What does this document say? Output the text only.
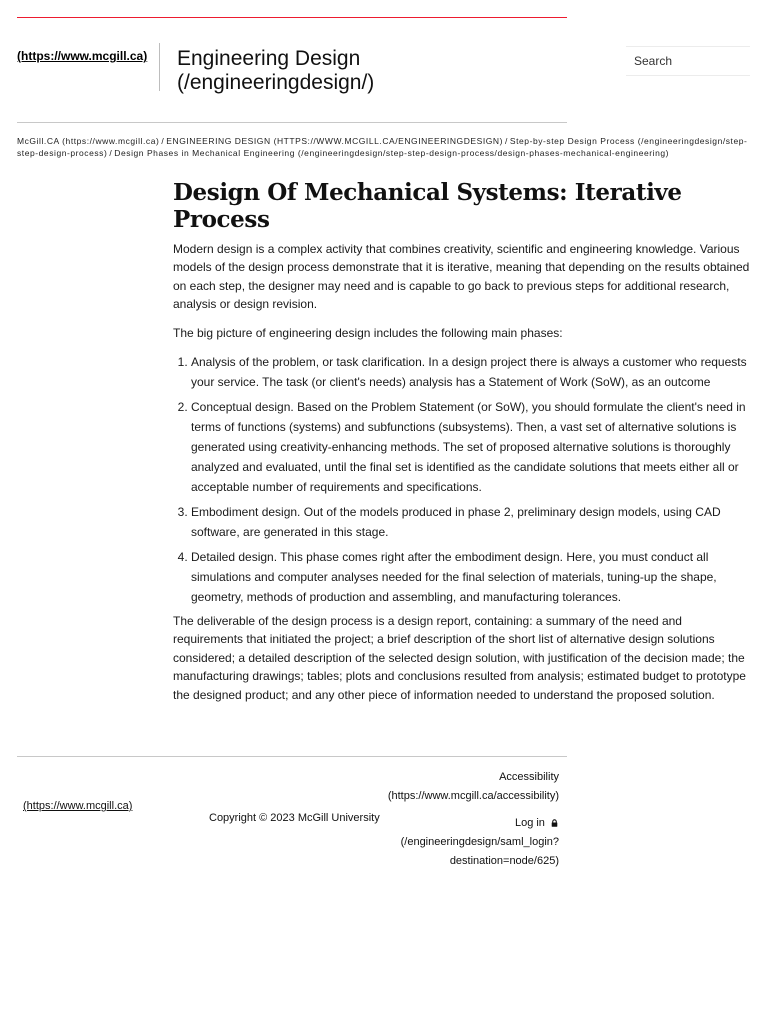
(https://www.mcgill.ca) Engineering Design
(/engineeringdesign/)
Search
McGill.CA (https://www.mcgill.ca) / ENGINEERING DESIGN (HTTPS://WWW.MCGILL.CA/ENGINEERINGDESIGN) / Step-by-step Design Process (/engineeringdesign/step-step-design-process) / Design Phases in Mechanical Engineering (/engineeringdesign/step-step-design-process/design-phases-mechanical-engineering)
Design Of Mechanical Systems: Iterative Process

Modern design is a complex activity that combines creativity, scientific and engineering knowledge. Various models of the design process demonstrate that it is iterative, meaning that depending on the results obtained on each step, the designer may need and is capable to go back to previous steps for additional research, analysis or design revision.

The big picture of engineering design includes the following main phases:

1. Analysis of the problem, or task clarification. In a design project there is always a customer who requests your service. The task (or client's needs) analysis has a Statement of Work (SoW), as an outcome
2. Conceptual design. Based on the Problem Statement (or SoW), you should formulate the client's need in terms of functions (systems) and subfunctions (subsystems). Then, a vast set of alternative solutions is generated using creativity-enhancing methods. The set of proposed alternative solutions is thoroughly analyzed and evaluated, until the final set is identified as the candidate solutions that meets either all or acceptable number of requirements and specifications.
3. Embodiment design. Out of the models produced in phase 2, preliminary design models, using CAD software, are generated in this stage.
4. Detailed design. This phase comes right after the embodiment design. Here, you must conduct all simulations and computer analyses needed for the final selection of materials, tuning-up the shape, geometry, methods of production and assembling, and manufacturing tolerances.

The deliverable of the design process is a design report, containing: a summary of the need and requirements that initiated the project; a brief description of the short list of alternative design solutions considered; a detailed description of the selected design solution, with justification of the decision made; the manufacturing drawings; tables; plots and conclusions resulted from analysis; estimated budget to prototype the designed product; and any other piece of information needed to understand the proposed solution.

(https://www.mcgill.ca)
Copyright © 2023 McGill University
Accessibility
(https://www.mcgill.ca/accessibility)
Log in
(/engineeringdesign/saml_login?
destination=node/625)
